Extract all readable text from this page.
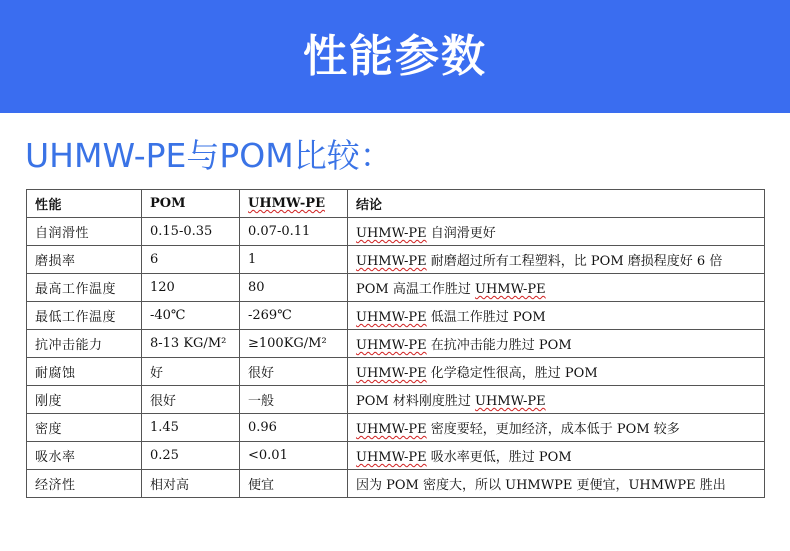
性能参数
UHMW-PE与POM比较：
性能	POM	UHMW-PE	结论
自润滑性	0.15-0.35	0.07-0.11	UHMW-PE 自润滑更好
磨损率	6	1	UHMW-PE 耐磨超过所有工程塑料，比 POM 磨损程度好 6 倍
最高工作温度	120	80	POM 高温工作胜过 UHMW-PE
最低工作温度	-40℃	-269℃	UHMW-PE 低温工作胜过 POM
抗冲击能力	8-13 KG/M²	≥100KG/M²	UHMW-PE 在抗冲击能力胜过 POM
耐腐蚀	好	很好	UHMW-PE 化学稳定性很高，胜过 POM
刚度	很好	一般	POM 材料刚度胜过 UHMW-PE
密度	1.45	0.96	UHMW-PE 密度要轻，更加经济，成本低于 POM 较多
吸水率	0.25	<0.01	UHMW-PE 吸水率更低，胜过 POM
经济性	相对高	便宜	因为 POM 密度大，所以 UHMWPE 更便宜，UHMWPE 胜出
